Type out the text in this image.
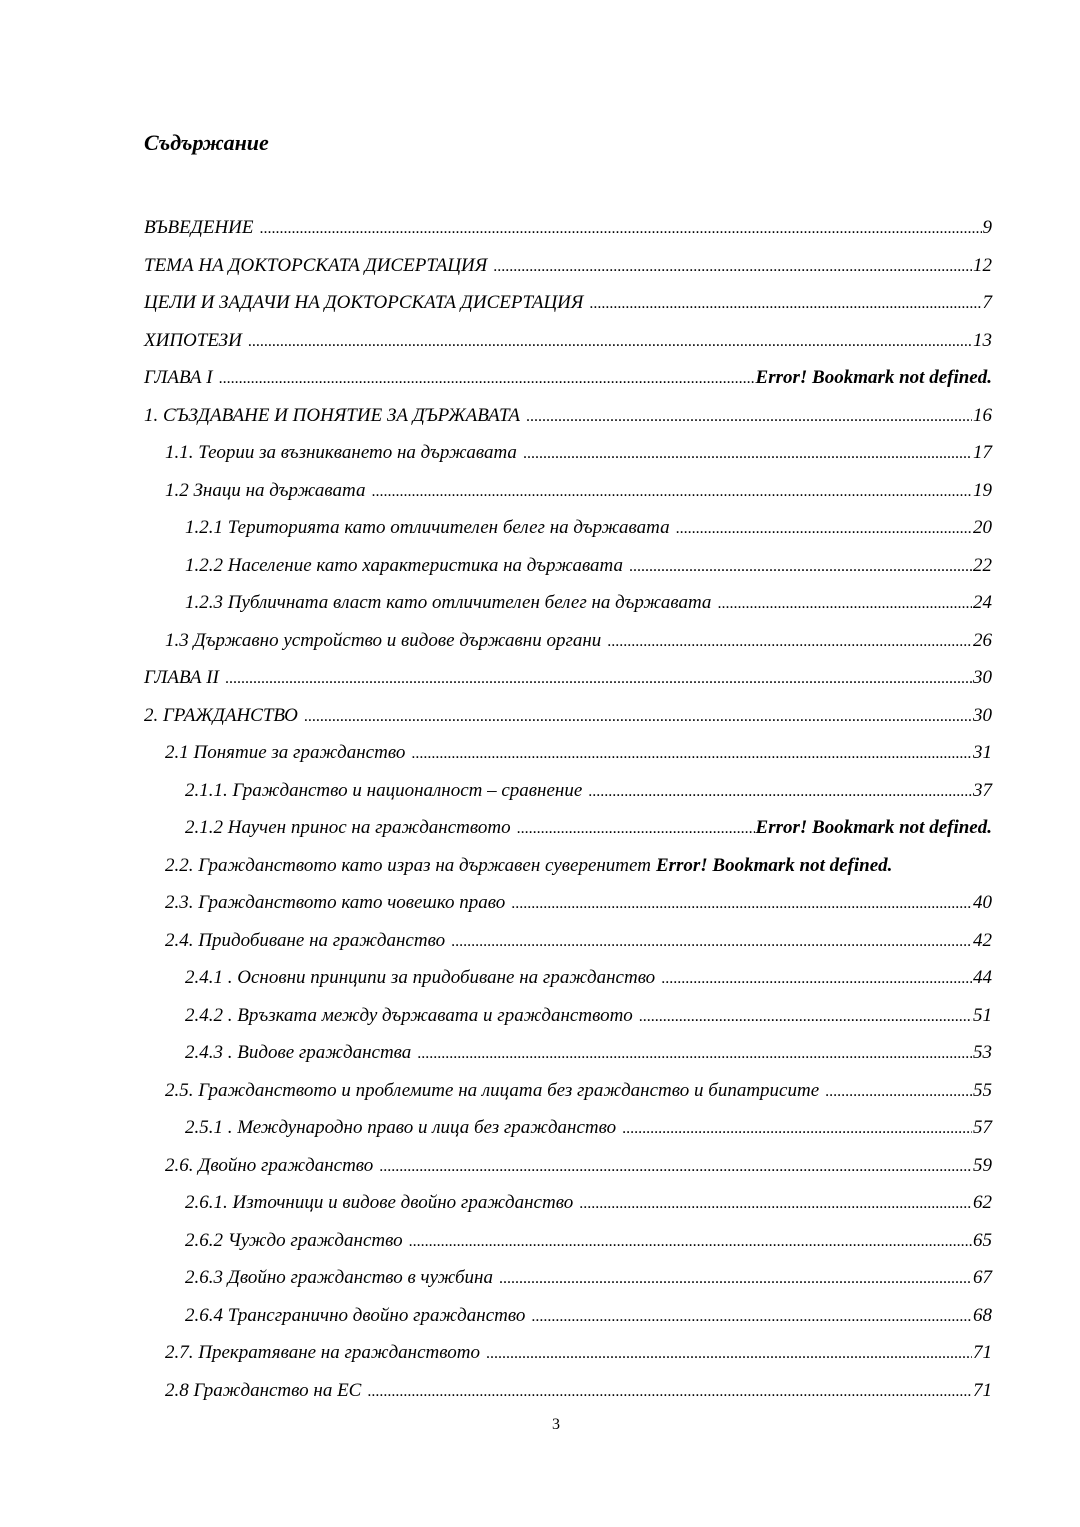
Съдържание
ВЪВЕДЕНИЕ .....	9
ТЕМА НА ДОКТОРСКАТА ДИСЕРТАЦИЯ .....	12
ЦЕЛИ И ЗАДАЧИ НА ДОКТОРСКАТА ДИСЕРТАЦИЯ .....	7
ХИПОТЕЗИ .....	13
ГЛАВА I .....	Error! Bookmark not defined.
1. СЪЗДАВАНЕ И ПОНЯТИЕ ЗА ДЪРЖАВАТА .....	16
1.1. Теории за възникването на държавата .....	17
1.2 Знаци на държавата .....	19
1.2.1 Територията като отличителен белег на държавата .....	20
1.2.2 Население като характеристика на държавата .....	22
1.2.3 Публичната власт като отличителен белег на държавата .....	24
1.3 Държавно устройство и видове държавни органи .....	26
ГЛАВА II .....	30
2. ГРАЖДАНСТВО .....	30
2.1 Понятие за гражданство .....	31
2.1.1. Гражданство и националност – сравнение .....	37
2.1.2 Научен принос на гражданството .....	Error! Bookmark not defined.
2.2. Гражданството като израз на държавен суверенитет Error! Bookmark not defined.
2.3. Гражданството като човешко право .....	40
2.4. Придобиване на гражданство .....	42
2.4.1 . Основни принципи за придобиване на гражданство .....	44
2.4.2 . Връзката между държавата и гражданството .....	51
2.4.3 . Видове гражданства .....	53
2.5. Гражданството и проблемите на лицата без гражданство и бипатрисите .....	55
2.5.1 . Международно право и лица без гражданство .....	57
2.6. Двойно гражданство .....	59
2.6.1. Източници и видове двойно гражданство .....	62
2.6.2 Чуждо гражданство .....	65
2.6.3 Двойно гражданство в чужбина .....	67
2.6.4 Трансгранично двойно гражданство .....	68
2.7. Прекратяване на гражданството .....	71
2.8 Гражданство на ЕС .....	71
3
